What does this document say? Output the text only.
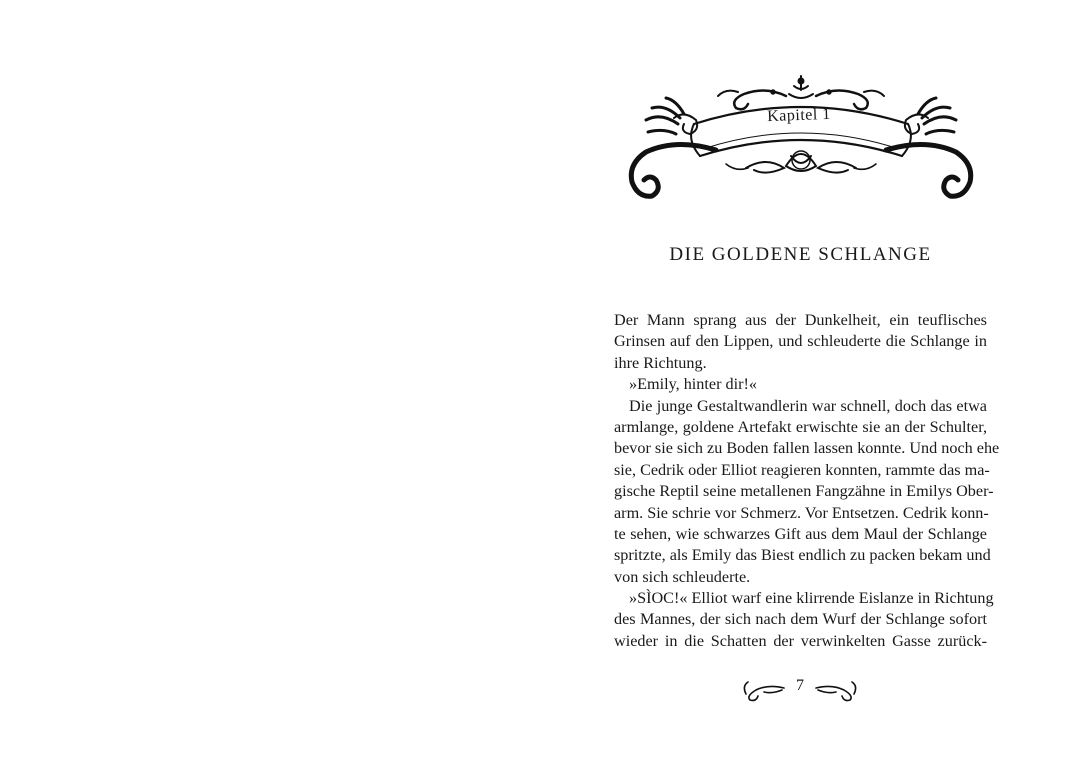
Kapitel 1
DIE GOLDENE SCHLANGE

Der Mann sprang aus der Dunkelheit, ein teuflisches

Grinsen auf den Lippen, und schleuderte die Schlange in

ihre Richtung.

»Emily, hinter dir!«

Die junge Gestaltwandlerin war schnell, doch das etwa

armlange, goldene Artefakt erwischte sie an der Schulter,

bevor sie sich zu Boden fallen lassen konnte. Und noch ehe

sie, Cedrik oder Elliot reagieren konnten, rammte das ma-

gische Reptil seine metallenen Fangzähne in Emilys Ober-

arm. Sie schrie vor Schmerz. Vor Entsetzen. Cedrik konn-

te sehen, wie schwarzes Gift aus dem Maul der Schlange

spritzte, als Emily das Biest endlich zu packen bekam und

von sich schleuderte.

»SÌOC!« Elliot warf eine klirrende Eislanze in Richtung

des Mannes, der sich nach dem Wurf der Schlange sofort

wieder in die Schatten der verwinkelten Gasse zurück-

7
